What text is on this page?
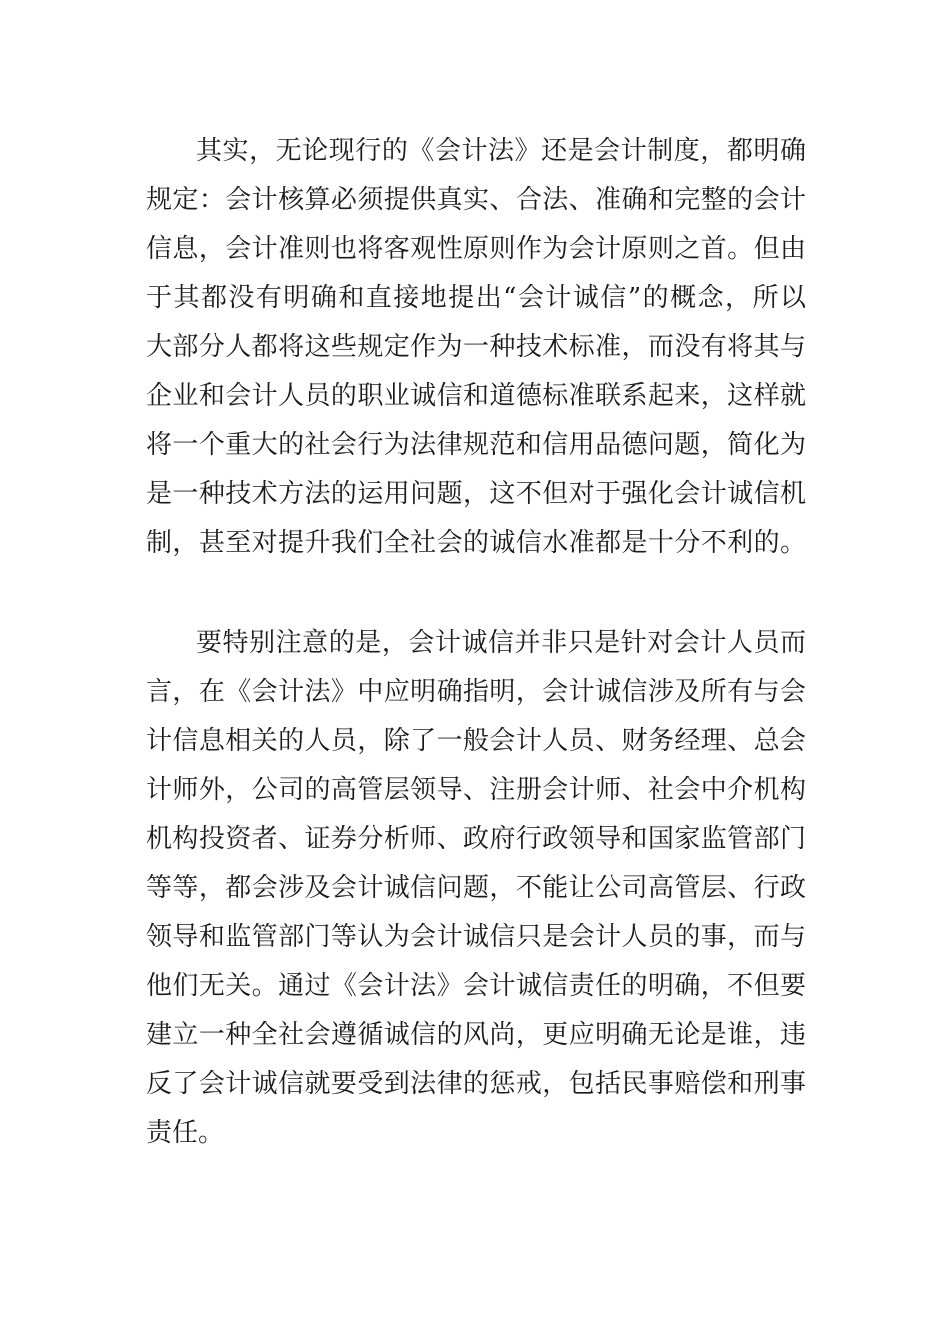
其实，无论现行的《会计法》还是会计制度，都明确
规定：会计核算必须提供真实、合法、准确和完整的会计
信息，会计准则也将客观性原则作为会计原则之首。但由
于其都没有明确和直接地提出“会计诚信”的概念，所以
大部分人都将这些规定作为一种技术标准，而没有将其与
企业和会计人员的职业诚信和道德标准联系起来，这样就
将一个重大的社会行为法律规范和信用品德问题，简化为
是一种技术方法的运用问题，这不但对于强化会计诚信机
制，甚至对提升我们全社会的诚信水准都是十分不利的。
要特别注意的是，会计诚信并非只是针对会计人员而
言，在《会计法》中应明确指明，会计诚信涉及所有与会
计信息相关的人员，除了一般会计人员、财务经理、总会
计师外，公司的高管层领导、注册会计师、社会中介机构
机构投资者、证券分析师、政府行政领导和国家监管部门
等等，都会涉及会计诚信问题，不能让公司高管层、行政
领导和监管部门等认为会计诚信只是会计人员的事，而与
他们无关。通过《会计法》会计诚信责任的明确，不但要
建立一种全社会遵循诚信的风尚，更应明确无论是谁，违
反了会计诚信就要受到法律的惩戒，包括民事赔偿和刑事
责任。
